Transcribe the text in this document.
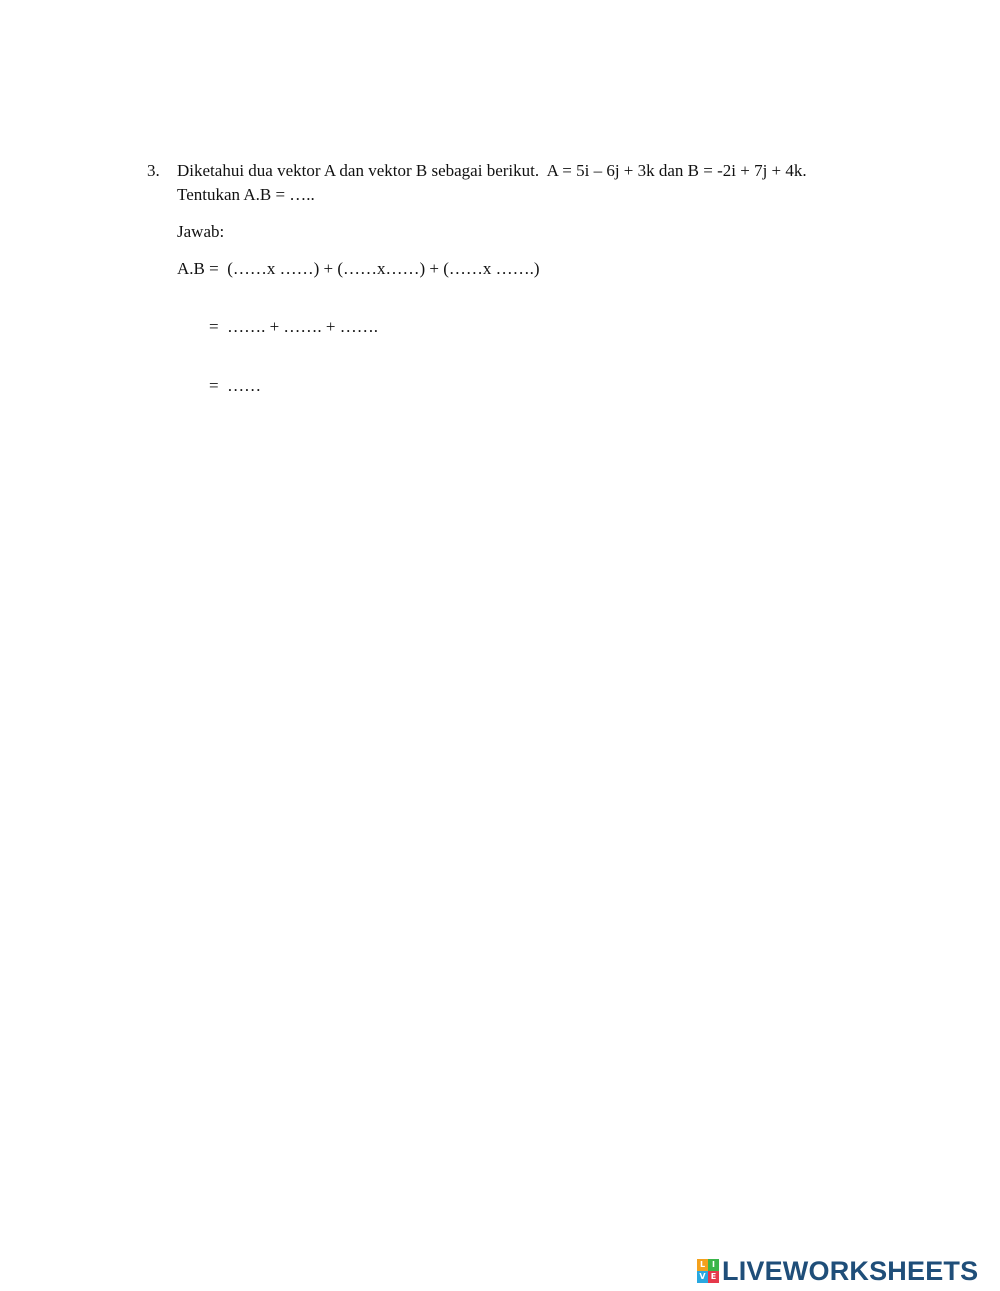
3. Diketahui dua vektor A dan vektor B sebagai berikut.  A = 5i – 6j + 3k dan B = -2i + 7j + 4k.
Tentukan A.B = …..
Jawab:
A.B =  (……x ……) + (……x……) + (……x …….)
=  ……. + ……. + …….
=  ……
L I
V E LIVEWORKSHEETS
